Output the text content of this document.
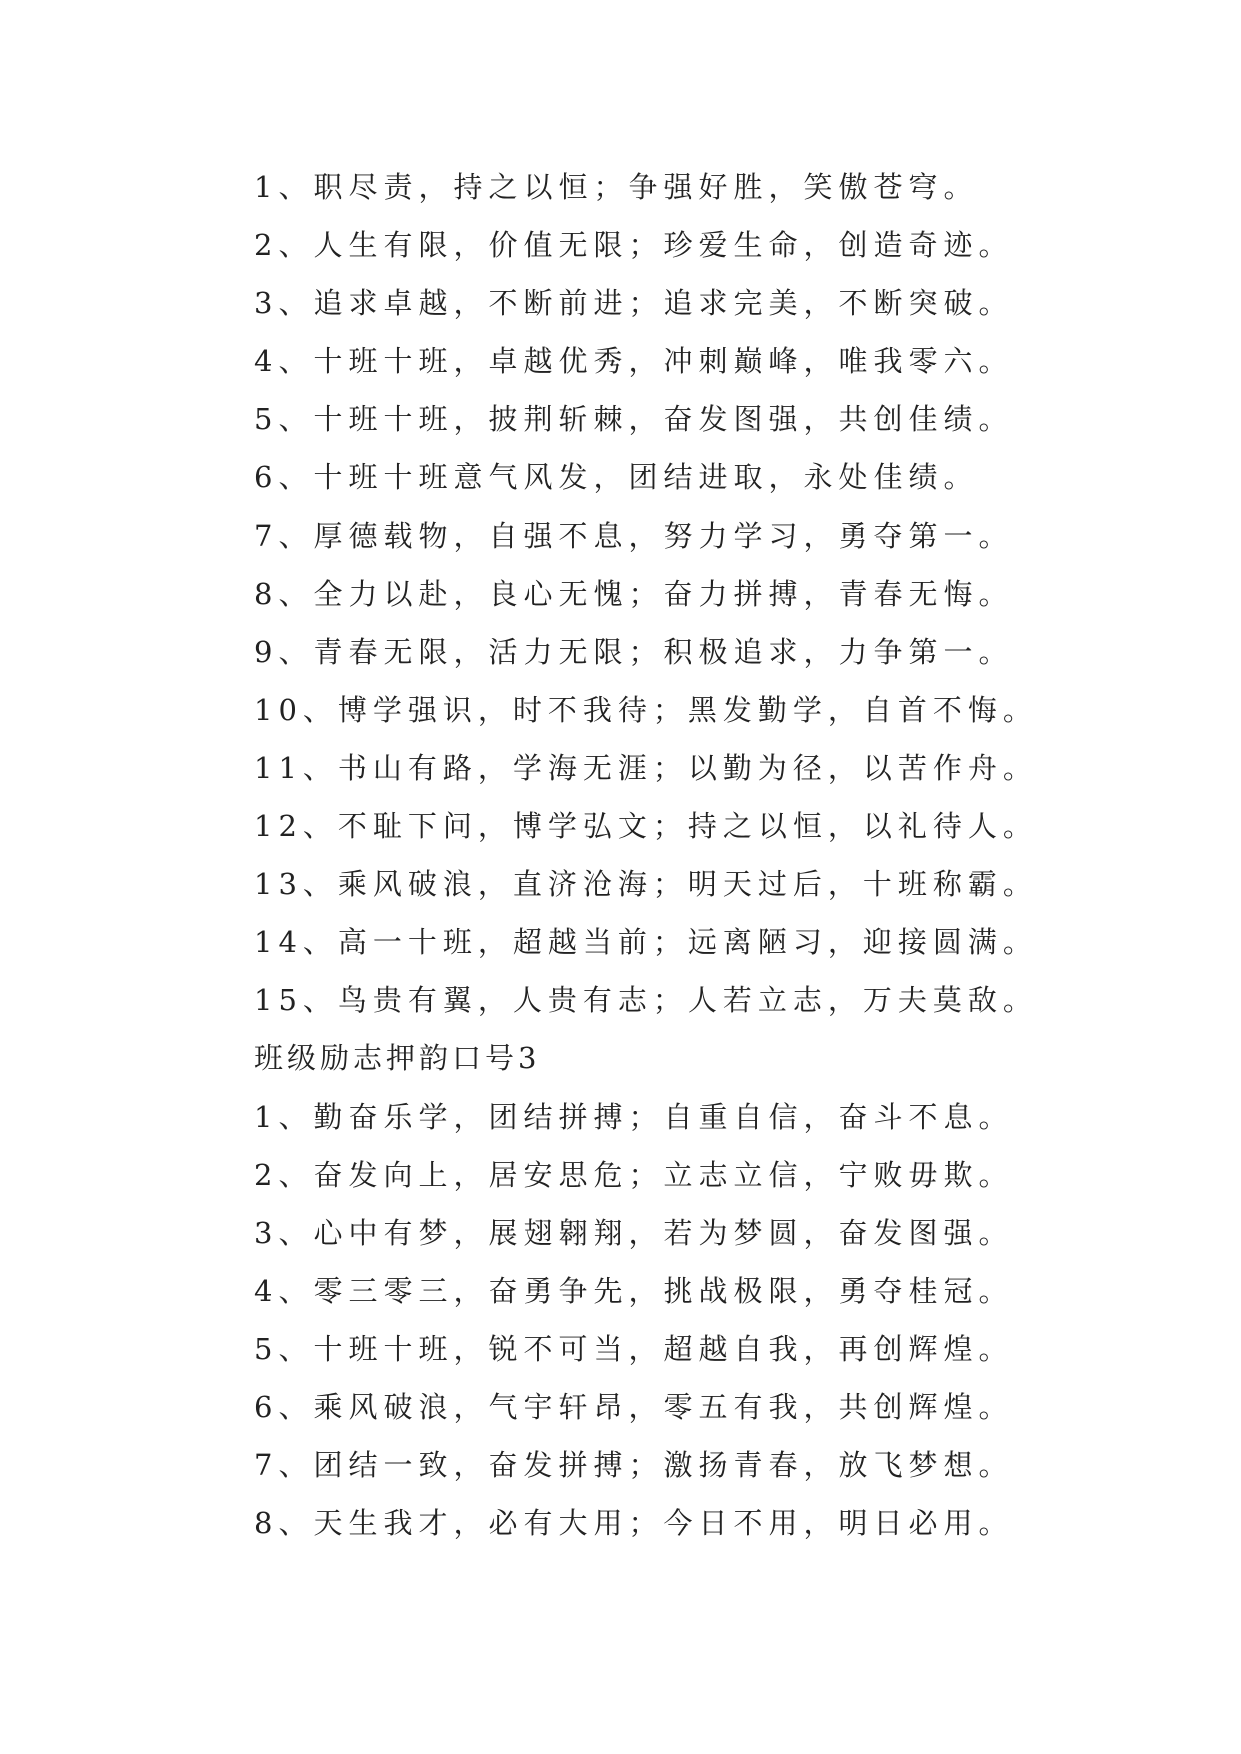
1、职尽责，持之以恒；争强好胜，笑傲苍穹。
2、人生有限，价值无限；珍爱生命，创造奇迹。
3、追求卓越，不断前进；追求完美，不断突破。
4、十班十班，卓越优秀，冲刺巅峰，唯我零六。
5、十班十班，披荆斩棘，奋发图强，共创佳绩。
6、十班十班意气风发，团结进取，永处佳绩。
7、厚德载物，自强不息，努力学习，勇夺第一。
8、全力以赴，良心无愧；奋力拼搏，青春无悔。
9、青春无限，活力无限；积极追求，力争第一。
10、博学强识，时不我待；黑发勤学，自首不悔。
11、书山有路，学海无涯；以勤为径，以苦作舟。
12、不耻下问，博学弘文；持之以恒，以礼待人。
13、乘风破浪，直济沧海；明天过后，十班称霸。
14、高一十班，超越当前；远离陋习，迎接圆满。
15、鸟贵有翼，人贵有志；人若立志，万夫莫敌。
班级励志押韵口号3
1、勤奋乐学，团结拼搏；自重自信，奋斗不息。
2、奋发向上，居安思危；立志立信，宁败毋欺。
3、心中有梦，展翅翱翔，若为梦圆，奋发图强。
4、零三零三，奋勇争先，挑战极限，勇夺桂冠。
5、十班十班，锐不可当，超越自我，再创辉煌。
6、乘风破浪，气宇轩昂，零五有我，共创辉煌。
7、团结一致，奋发拼搏；激扬青春，放飞梦想。
8、天生我才，必有大用；今日不用，明日必用。
